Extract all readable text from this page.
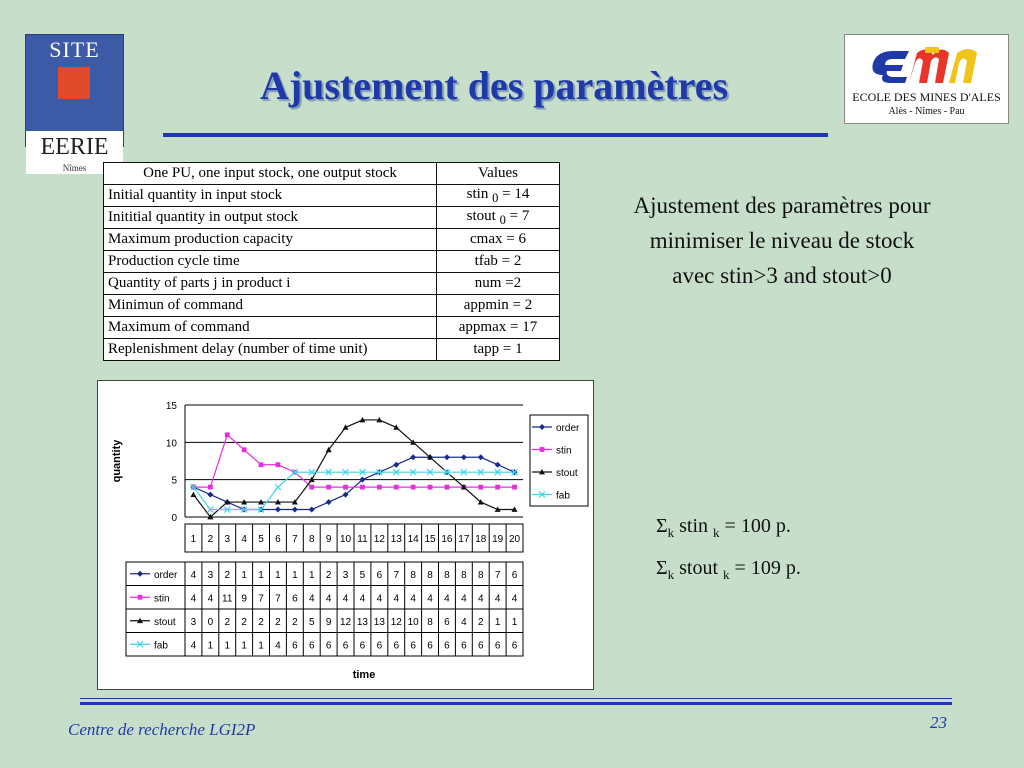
SITE
EERIE
Nîmes
Ajustement des paramètres	ECOLE DES MINES D'ALES
Alès - Nîmes - Pau
One PU, one input stock, one output stock	Values
Initial quantity in input stock	stin $_0$ = 14
Inititial quantity in output stock	stout $_0$ = 7
Maximum production capacity	cmax = 6
Production cycle time	tfab = 2
Quantity of parts j in product i	num =2
Minimun of command	appmin = 2
Maximum of command	appmax = 17
Replenishment delay (number of time unit)	tapp = 1
Ajustement des paramètres pour
minimiser le niveau de stock
avec stin>3 and stout>0
0
5
10
15
quantity
1 2 3 4 5 6 7 8 9 10 11 12 13 14 15 16 17 18 19 20
order 4 3 2 1 1 1 1 1 2 3 5 6 7 8 8 8 8 8 7 6
order
stin 4 4 11 9 7 7 6 4 4 4 4 4 4 4 4 4 4 4 4 4
stin
stout 3 0 2 2 2 2 2 5 9 12 13 13 12 10 8 6 4 2 1 1
stout
fab 4 1 1 1 1 4 6 6 6 6 6 6 6 6 6 6 6 6 6 6
fab
time
$\Sigma_k$ stin $_k$ = 100 p.
$\Sigma_k$ stout $_k$ = 109 p.
Centre de recherche LGI2P	23
